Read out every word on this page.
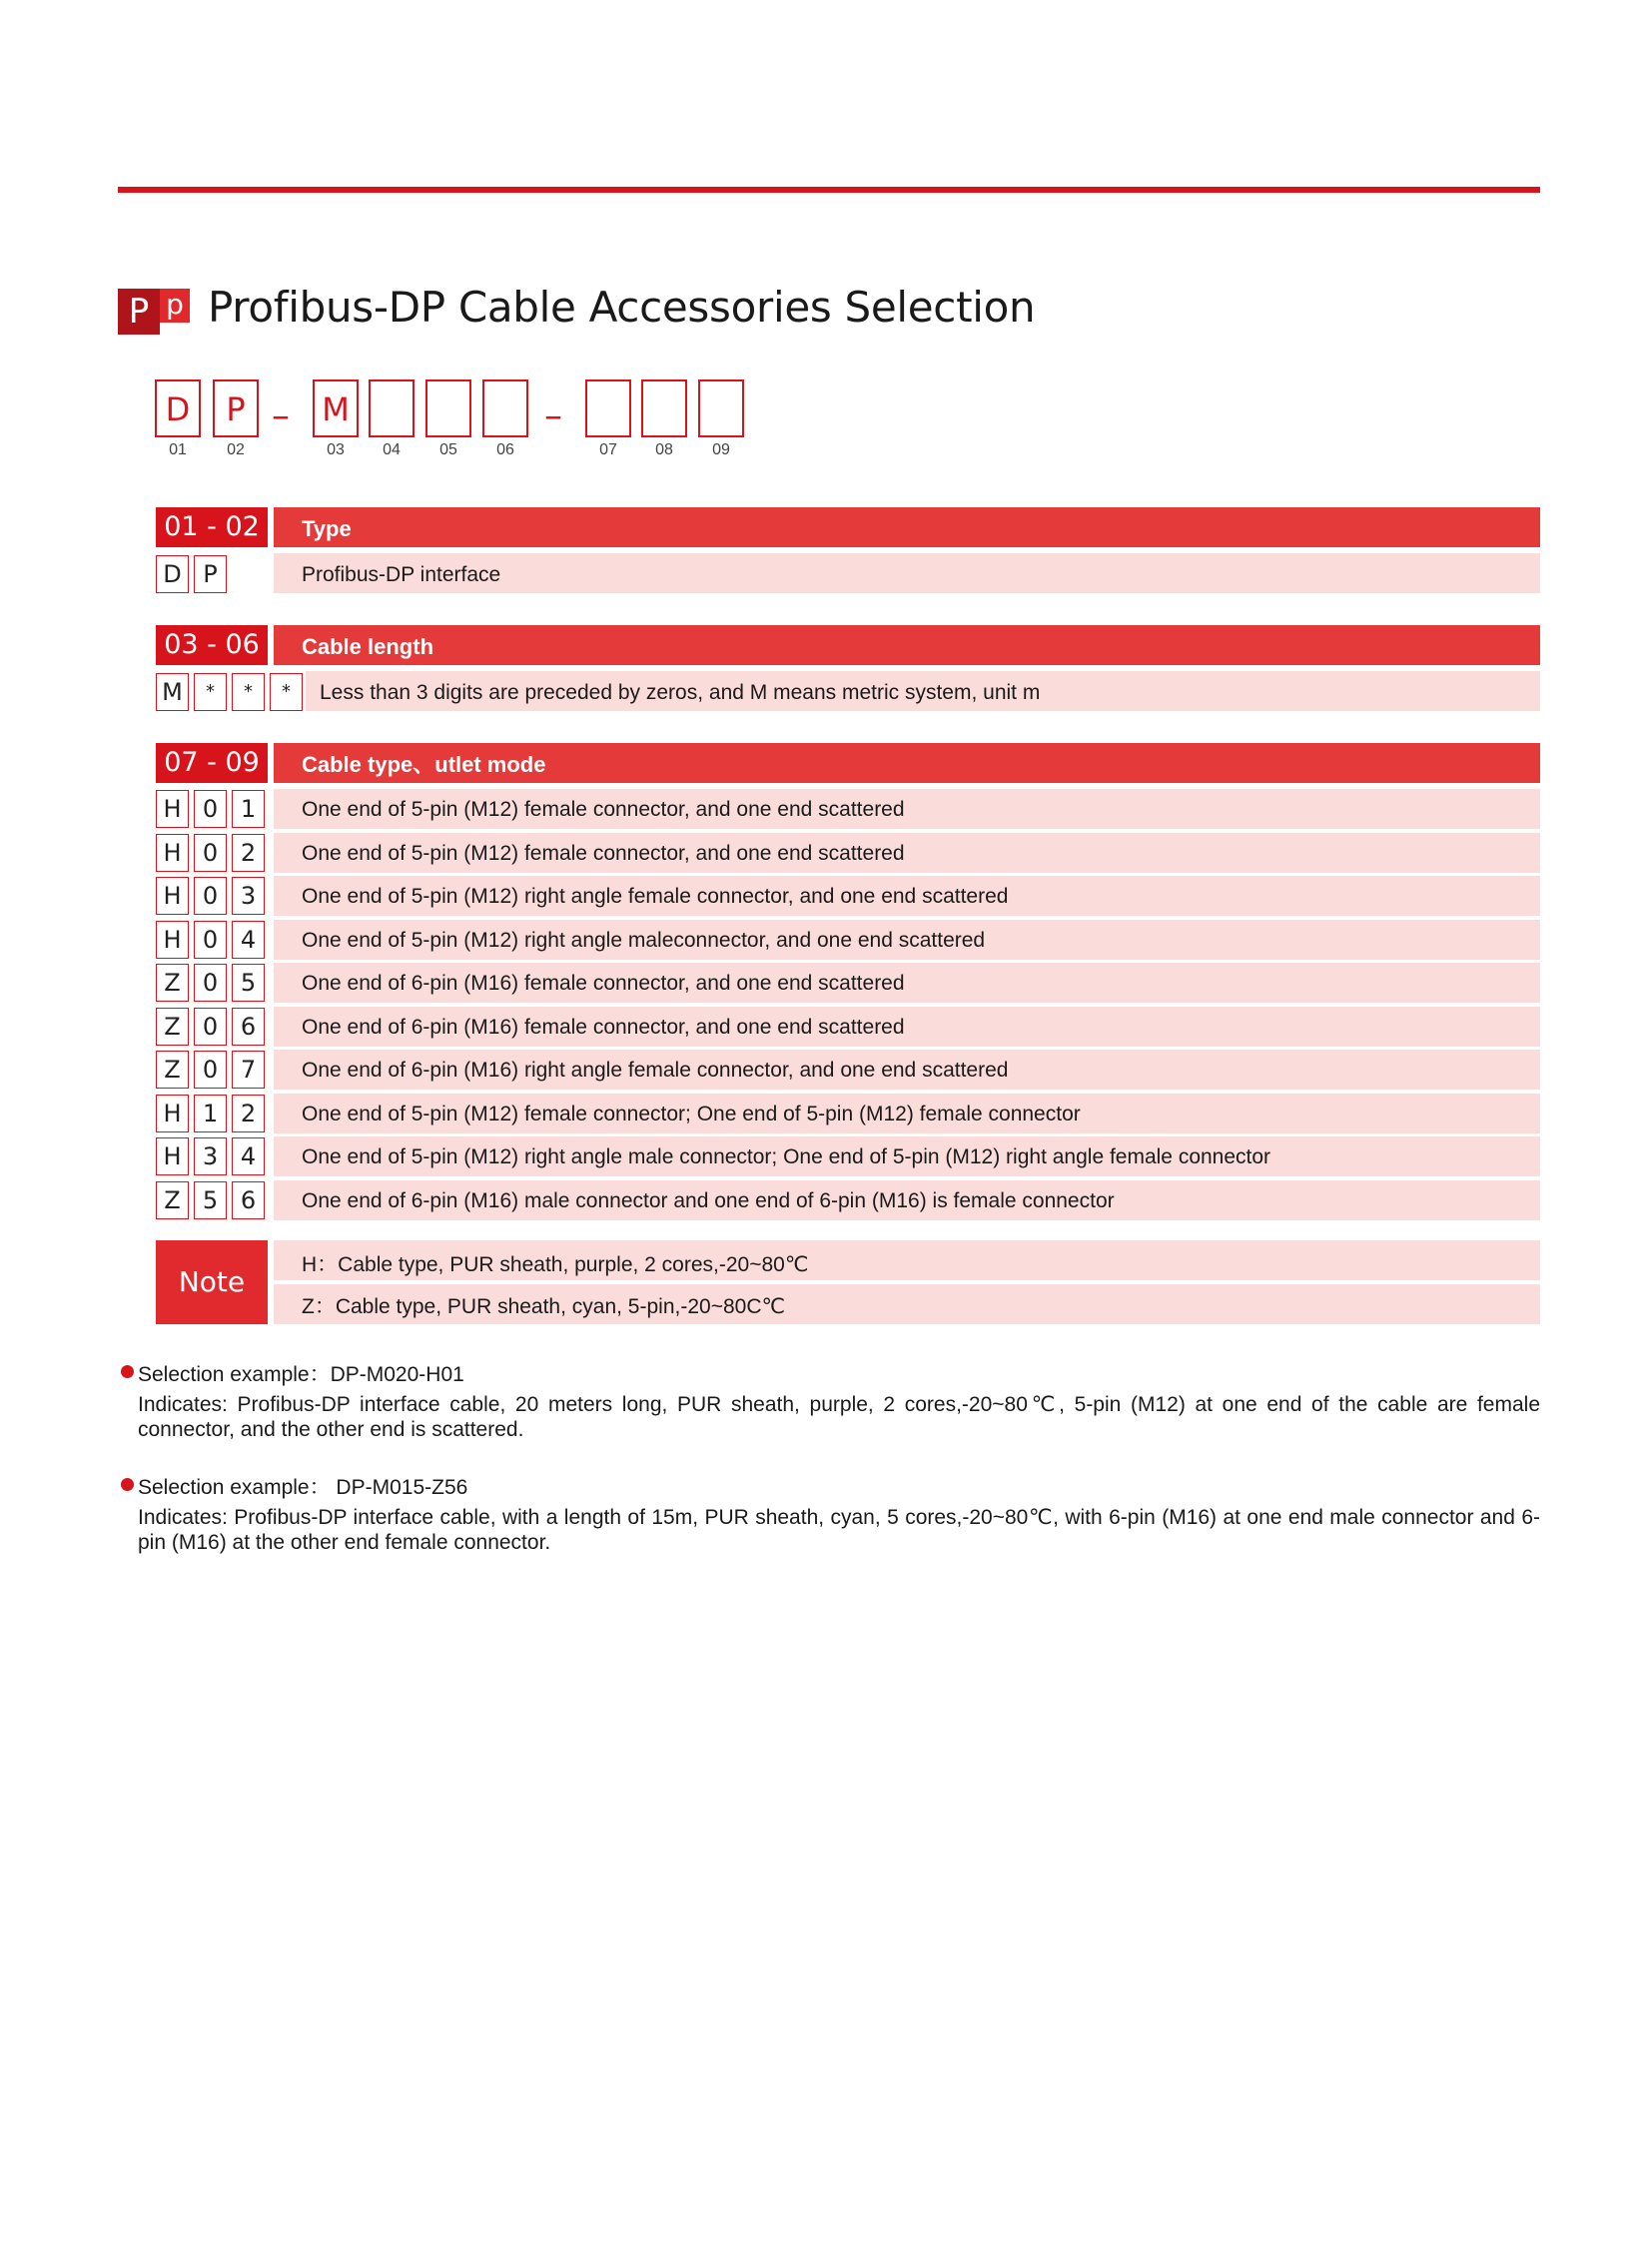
P p Profibus-DP Cable Accessories Selection
D	P – M	–
01	02	03	04	05	06	07	08	09
01 - 02	Type
D P	Profibus-DP interface
03 - 06	Cable length
M	*	*	*	Less than 3 digits are preceded by zeros, and M means metric system, unit m
07 - 09	Cable type、utlet mode
H 0 1	One end of 5-pin (M12) female connector, and one end scattered
H 0 2	One end of 5-pin (M12) female connector, and one end scattered
H 0 3	One end of 5-pin (M12) right angle female connector, and one end scattered
H 0 4	One end of 5-pin (M12) right angle maleconnector, and one end scattered
Z 0 5	One end of 6-pin (M16) female connector, and one end scattered
Z 0 6	One end of 6-pin (M16) female connector, and one end scattered
Z 0 7	One end of 6-pin (M16) right angle female connector, and one end scattered
H 1 2	One end of 5-pin (M12) female connector; One end of 5-pin (M12) female connector
H 3 4	One end of 5-pin (M12) right angle male connector; One end of 5-pin (M12) right angle female connector
Z 5 6	One end of 6-pin (M16) male connector and one end of 6-pin (M16) is female connector
Note
H：Cable type, PUR sheath, purple, 2 cores,-20~80℃
Z：Cable type, PUR sheath, cyan, 5-pin,-20~80C℃
Selection example：DP-M020-H01
Indicates: Profibus-DP interface cable, 20 meters long, PUR sheath, purple, 2 cores,-20~80℃, 5-pin (M12) at one end of the cable are female connector, and the other end is scattered.
Selection example： DP-M015-Z56
Indicates: Profibus-DP interface cable, with a length of 15m, PUR sheath, cyan, 5 cores,-20~80℃, with 6-pin (M16) at one end male connector and 6-pin (M16) at the other end female connector.
